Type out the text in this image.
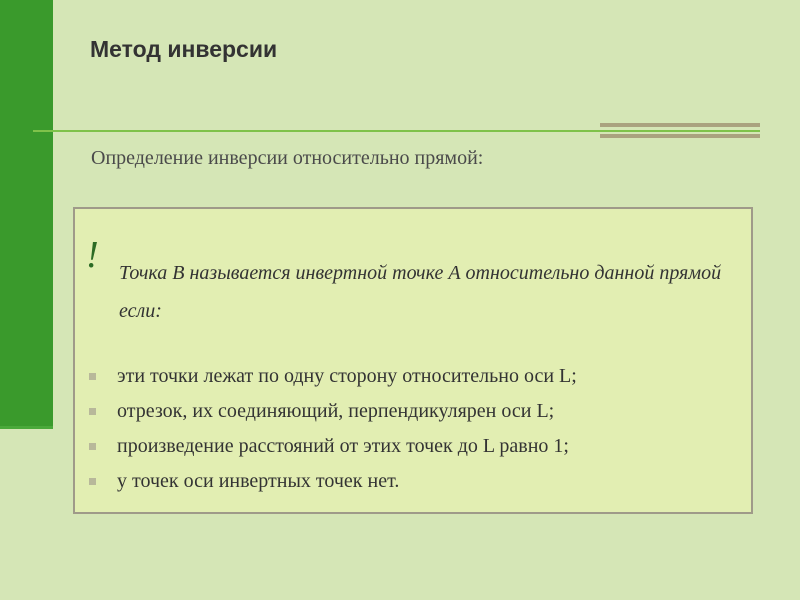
Метод инверсии
Определение инверсии относительно прямой:
! Точка В называется инвертной точке А относительно данной прямой если:
эти точки лежат по одну сторону относительно оси L;
отрезок, их соединяющий, перпендикулярен оси L;
произведение расстояний от этих точек до L равно 1;
у точек оси инвертных точек нет.
